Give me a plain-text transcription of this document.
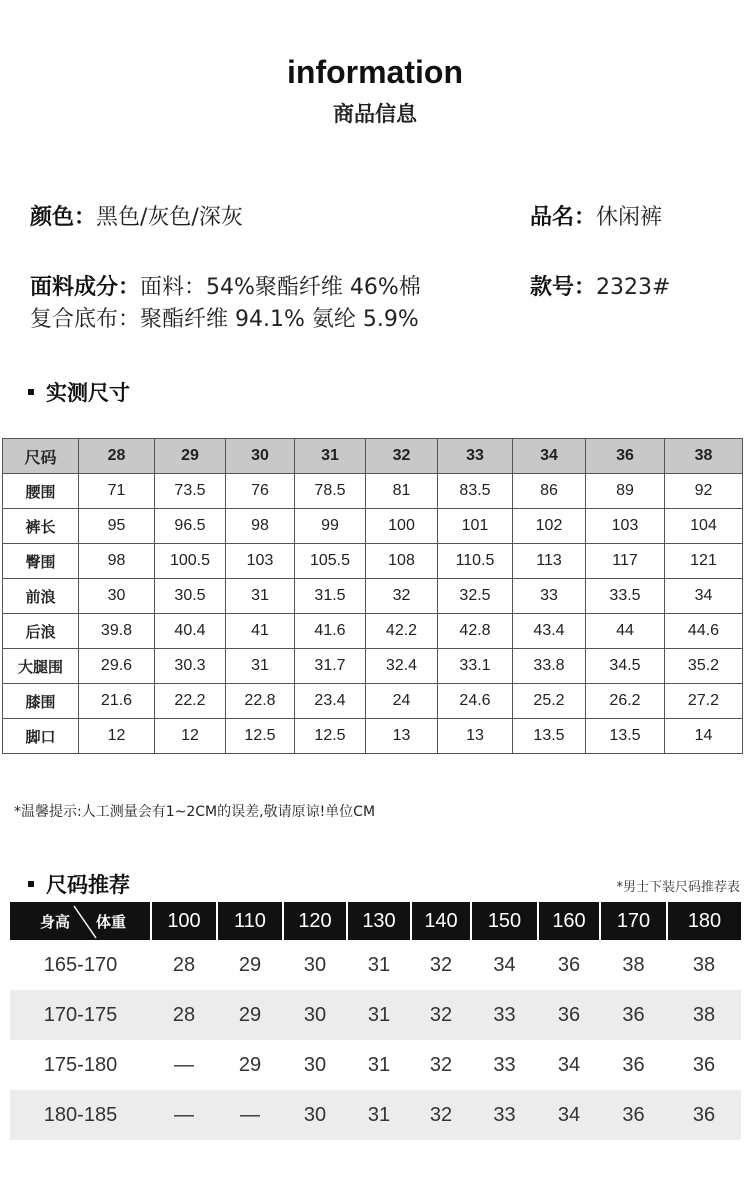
information
商品信息
颜色：黑色/灰色/深灰	品名：休闲裤
面料成分：面料：54%聚酯纤维 46%棉	款号：2323#
复合底布：聚酯纤维 94.1% 氨纶 5.9%
实测尺寸
尺码	28	29	30	31	32	33	34	36	38
腰围	71	73.5	76	78.5	81	83.5	86	89	92
裤长	95	96.5	98	99	100	101	102	103	104
臀围	98	100.5	103	105.5	108	110.5	113	117	121
前浪	30	30.5	31	31.5	32	32.5	33	33.5	34
后浪	39.8	40.4	41	41.6	42.2	42.8	43.4	44	44.6
大腿围	29.6	30.3	31	31.7	32.4	33.1	33.8	34.5	35.2
膝围	21.6	22.2	22.8	23.4	24	24.6	25.2	26.2	27.2
脚口	12	12	12.5	12.5	13	13	13.5	13.5	14
*温馨提示:人工测量会有1~2CM的误差,敬请原谅!单位CM
尺码推荐	*男士下装尺码推荐表
身高 体重	100	110	120	130	140	150	160	170	180
165-170	28	29	30	31	32	34	36	38	38
170-175	28	29	30	31	32	33	36	36	38
175-180	—	29	30	31	32	33	34	36	36
180-185	—	—	30	31	32	33	34	36	36
